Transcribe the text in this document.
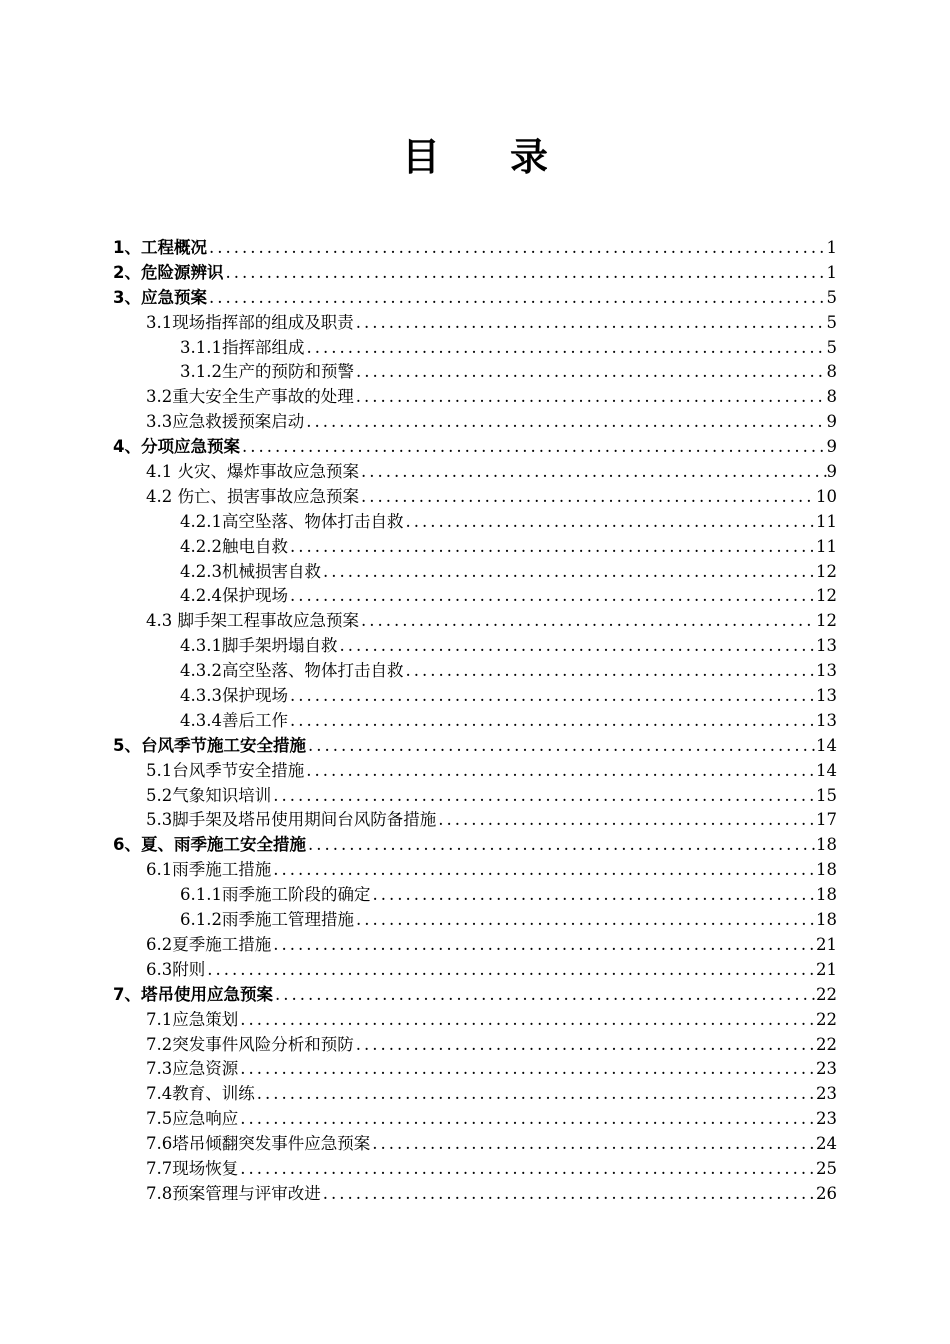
目 录
1、工程概况 .....	1
2、危险源辨识 .....	1
3、应急预案 .....	5
3.1现场指挥部的组成及职责 .....	5
3.1.1指挥部组成 .....	5
3.1.2生产的预防和预警 .....	8
3.2重大安全生产事故的处理 .....	8
3.3应急救援预案启动 .....	9
4、分项应急预案 .....	9
4.1 火灾、爆炸事故应急预案 .....	9
4.2 伤亡、损害事故应急预案 .....	10
4.2.1高空坠落、物体打击自救 .....	11
4.2.2触电自救 .....	11
4.2.3机械损害自救 .....	12
4.2.4保护现场 .....	12
4.3 脚手架工程事故应急预案 .....	12
4.3.1脚手架坍塌自救 .....	13
4.3.2高空坠落、物体打击自救 .....	13
4.3.3保护现场 .....	13
4.3.4善后工作 .....	13
5、台风季节施工安全措施 .....	14
5.1台风季节安全措施 .....	14
5.2气象知识培训 .....	15
5.3脚手架及塔吊使用期间台风防备措施 .....	17
6、夏、雨季施工安全措施 .....	18
6.1雨季施工措施 .....	18
6.1.1雨季施工阶段的确定 .....	18
6.1.2雨季施工管理措施 .....	18
6.2夏季施工措施 .....	21
6.3附则 .....	21
7、塔吊使用应急预案 .....	22
7.1应急策划 .....	22
7.2突发事件风险分析和预防 .....	22
7.3应急资源 .....	23
7.4教育、训练 .....	23
7.5应急响应 .....	23
7.6塔吊倾翻突发事件应急预案 .....	24
7.7现场恢复 .....	25
7.8预案管理与评审改进 .....	26
